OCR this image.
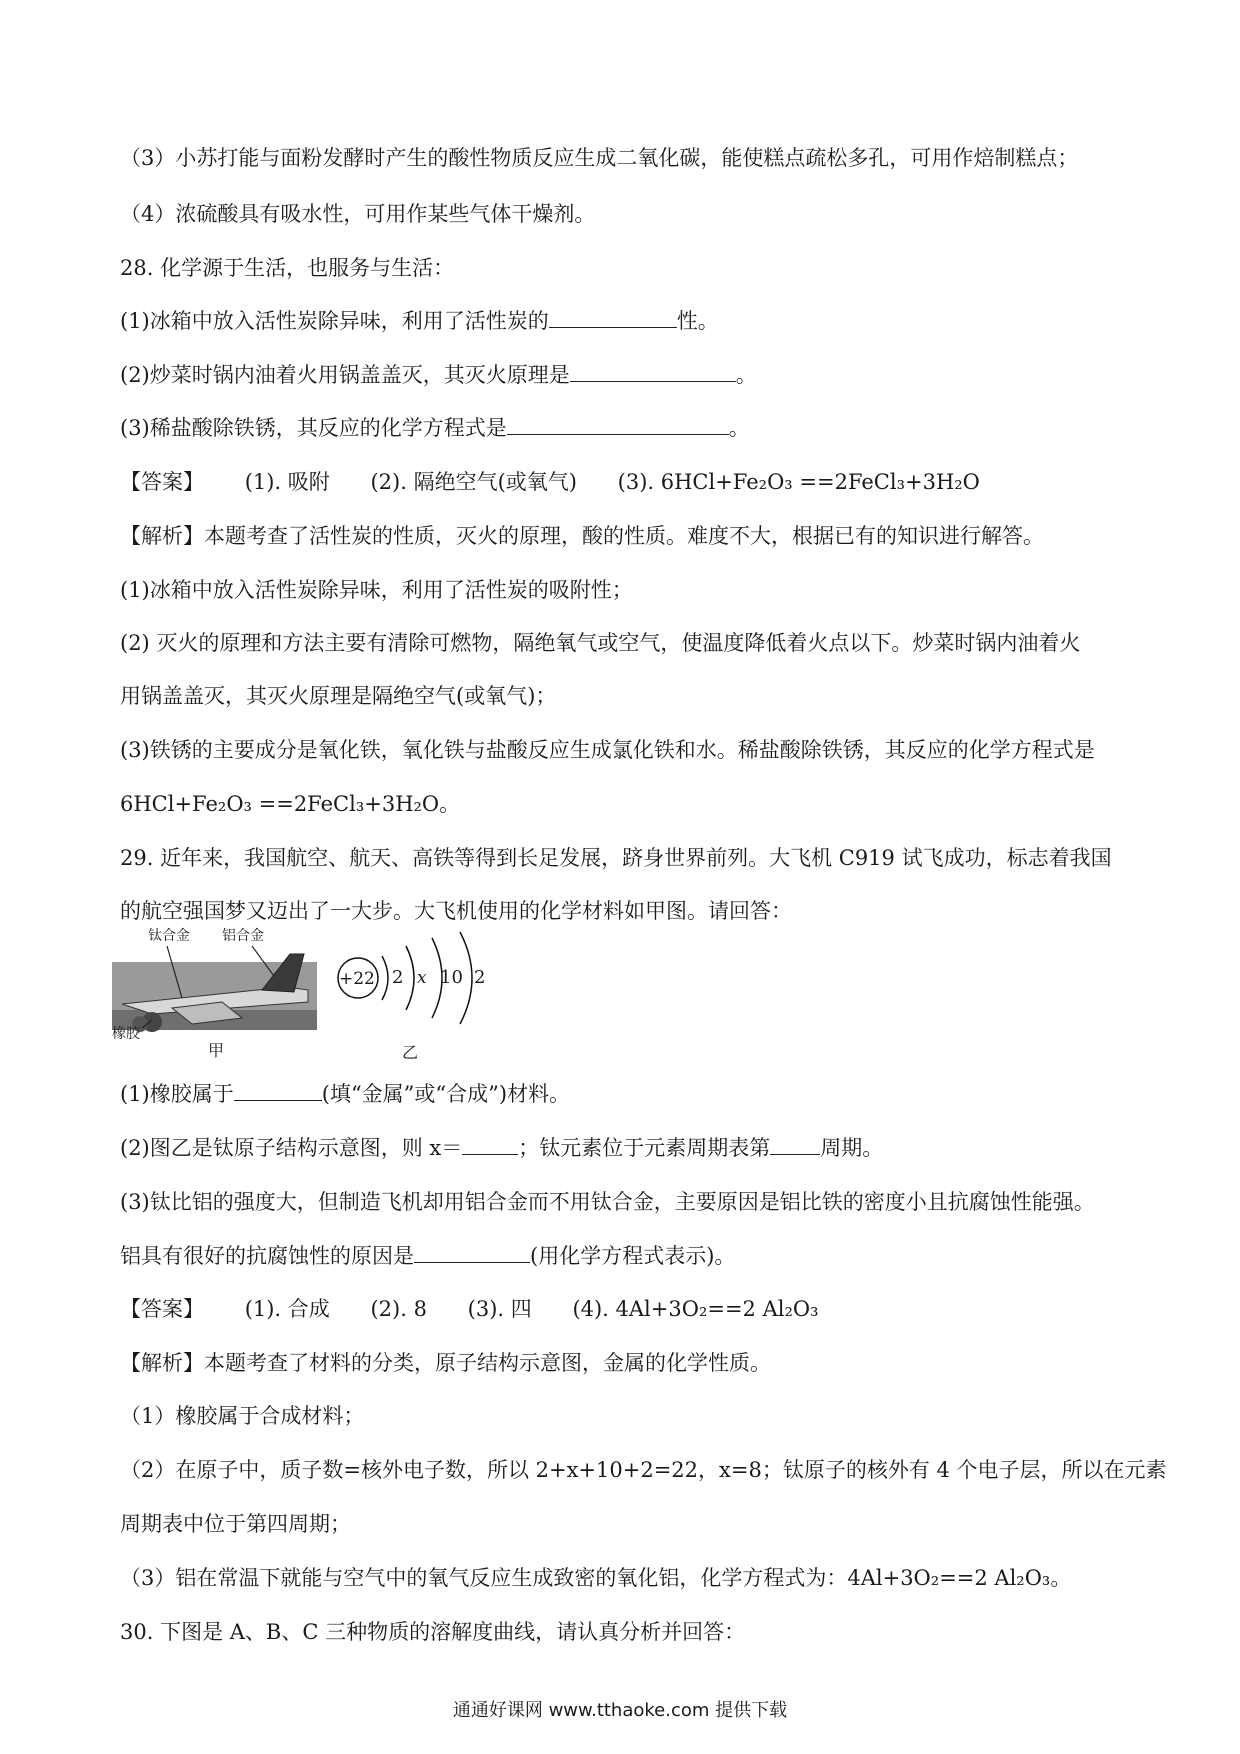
（3）小苏打能与面粉发酵时产生的酸性物质反应生成二氧化碳，能使糕点疏松多孔，可用作焙制糕点；
（4）浓硫酸具有吸水性，可用作某些气体干燥剂。
28. 化学源于生活，也服务与生活：
(1)冰箱中放入活性炭除异味，利用了活性炭的	性。
(2)炒菜时锅内油着火用锅盖盖灭，其灭火原理是	。
(3)稀盐酸除铁锈，其反应的化学方程式是	。
【答案】 (1). 吸附 (2). 隔绝空气(或氧气) (3). 6HCl+Fe₂O₃ ==2FeCl₃+3H₂O
【解析】本题考查了活性炭的性质，灭火的原理，酸的性质。难度不大，根据已有的知识进行解答。
(1)冰箱中放入活性炭除异味，利用了活性炭的吸附性；
(2) 灭火的原理和方法主要有清除可燃物，隔绝氧气或空气，使温度降低着火点以下。炒菜时锅内油着火
用锅盖盖灭，其灭火原理是隔绝空气(或氧气)；
(3)铁锈的主要成分是氧化铁，氧化铁与盐酸反应生成氯化铁和水。稀盐酸除铁锈，其反应的化学方程式是
6HCl+Fe₂O₃ ==2FeCl₃+3H₂O。
29. 近年来，我国航空、航天、高铁等得到长足发展，跻身世界前列。大飞机 C919 试飞成功，标志着我国
的航空强国梦又迈出了一大步。大飞机使用的化学材料如甲图。请回答：
钛合金 铝合金
橡胶
甲
+22 2 x 10 2
乙
(1)橡胶属于	(填“金属”或“合成”)材料。
(2)图乙是钛原子结构示意图，则 x＝	；钛元素位于元素周期表第 周期。
(3)钛比铝的强度大，但制造飞机却用铝合金而不用钛合金，主要原因是铝比铁的密度小且抗腐蚀性能强。
铝具有很好的抗腐蚀性的原因是	(用化学方程式表示)。
【答案】 (1). 合成 (2). 8 (3). 四 (4). 4Al+3O₂==2 Al₂O₃
【解析】本题考查了材料的分类，原子结构示意图，金属的化学性质。
（1）橡胶属于合成材料；
（2）在原子中，质子数=核外电子数，所以 2+x+10+2=22，x=8；钛原子的核外有 4 个电子层，所以在元素
周期表中位于第四周期；
（3）铝在常温下就能与空气中的氧气反应生成致密的氧化铝，化学方程式为：4Al+3O₂==2 Al₂O₃。
30. 下图是 A、B、C 三种物质的溶解度曲线，请认真分析并回答：
通通好课网 www.tthaoke.com 提供下载
